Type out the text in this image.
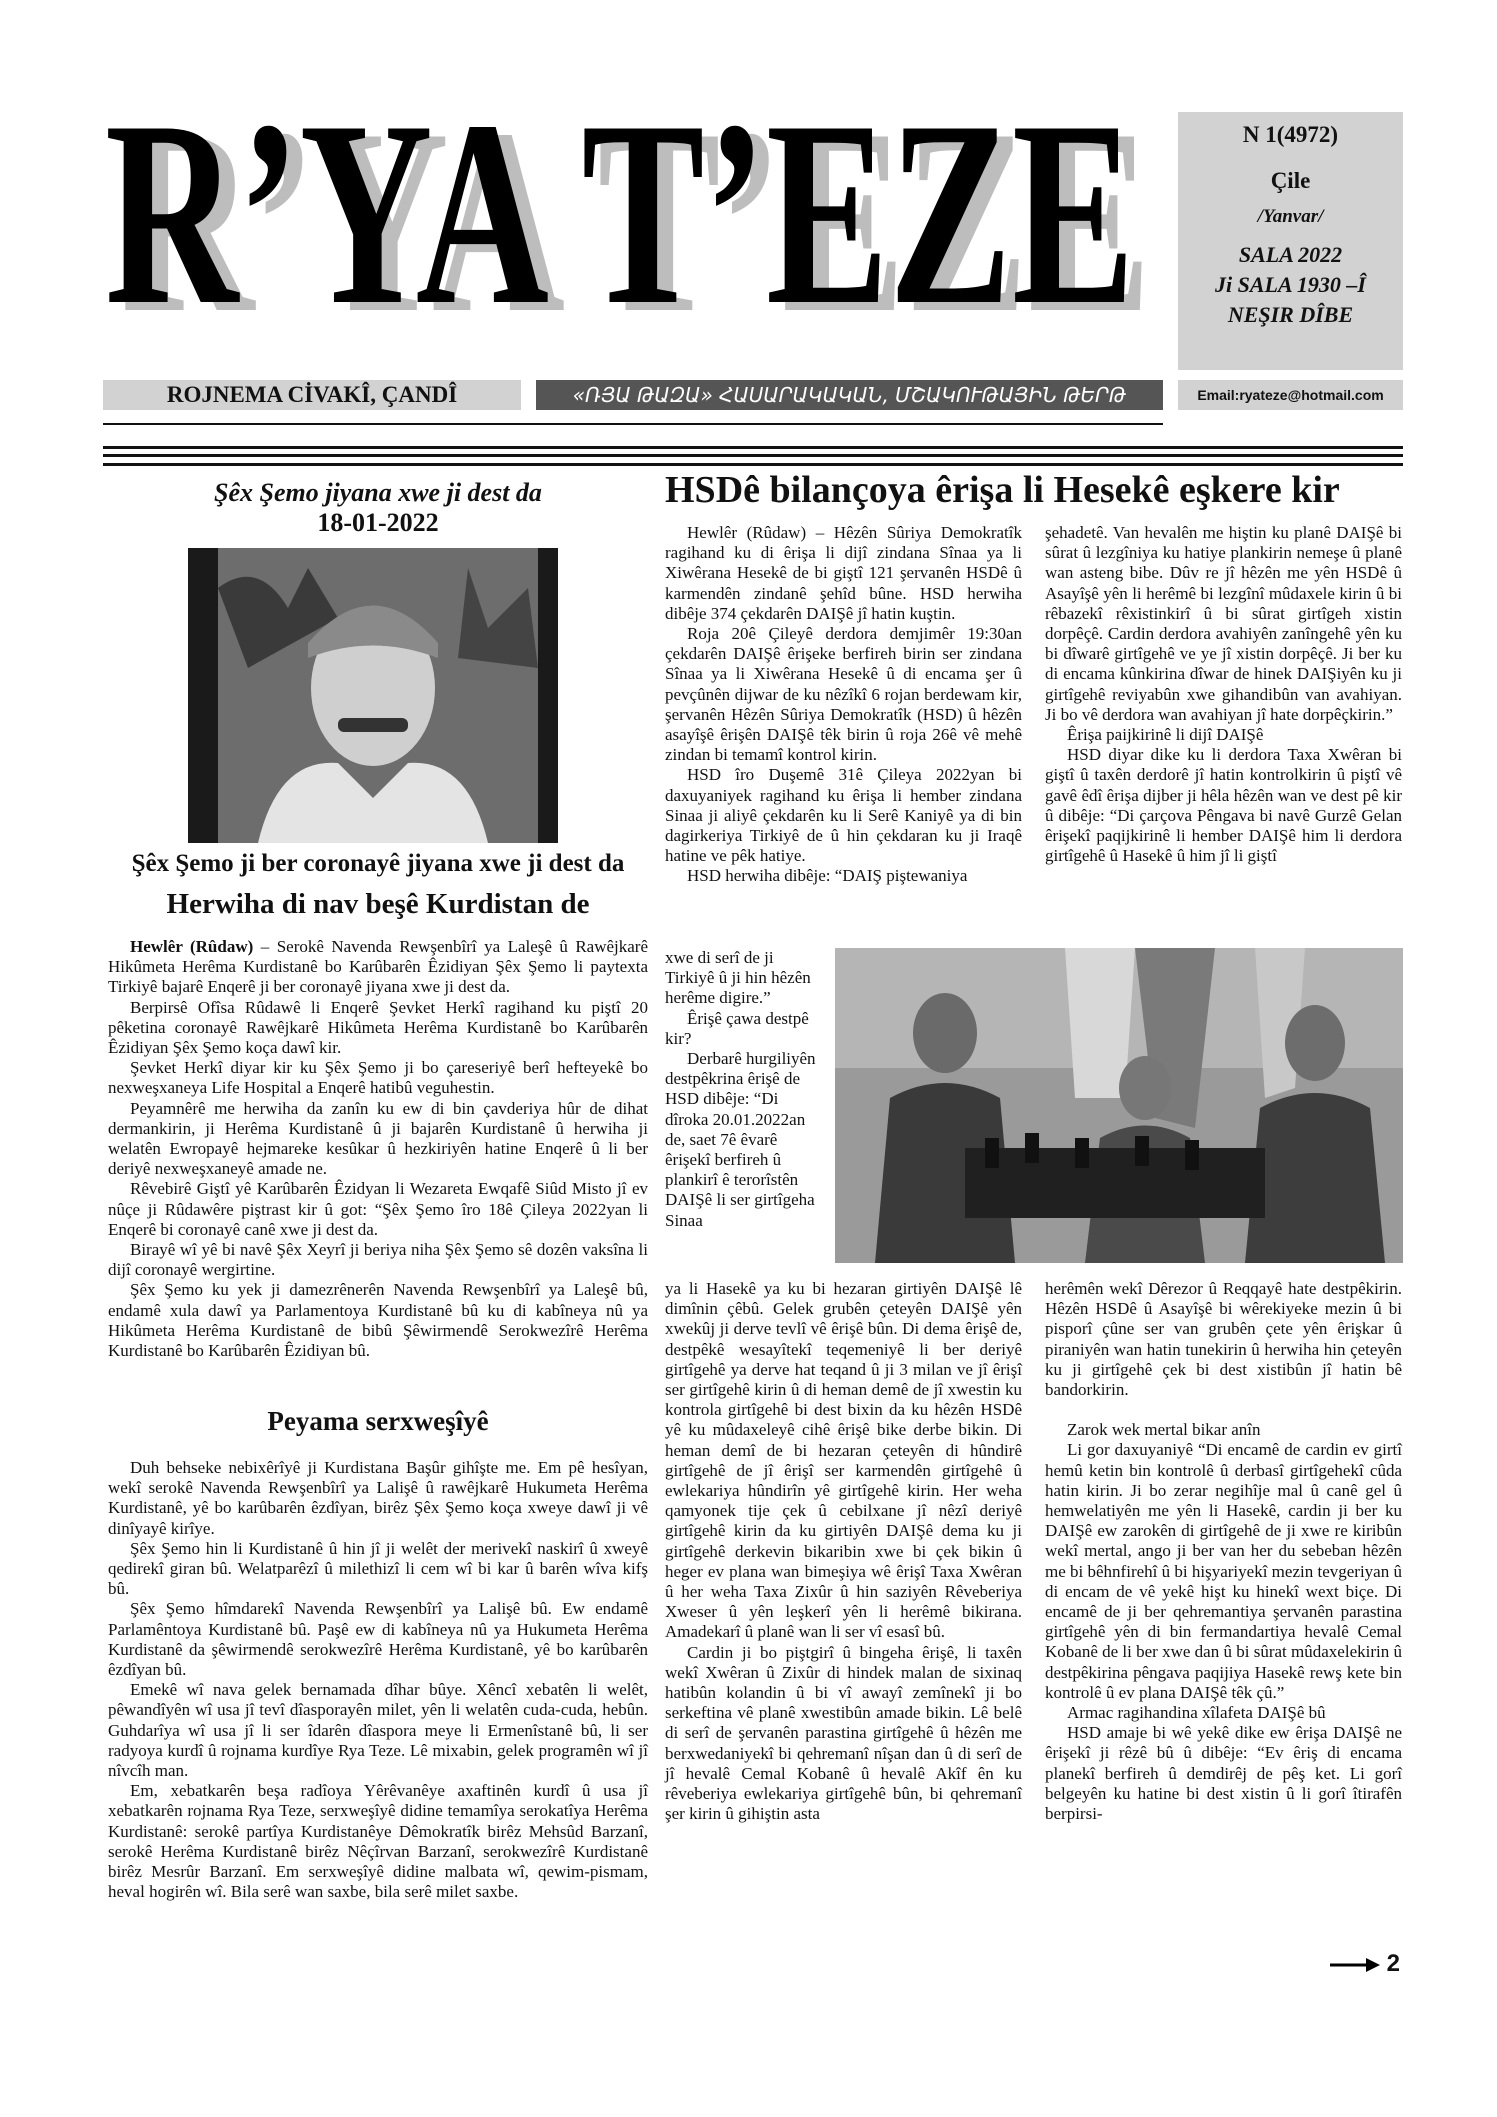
R’YA T’EZE
R’YA T’EZE	N 1(4972)
Çile
/Yanvar/
SALA 2022
Ji SALA 1930 –Î
NEŞIR DÎBE
Email:ryateze@hotmail.com
ROJNEMA CİVAKÎ, ÇANDÎ	«ՌՅԱ ԹԱԶԱ» ՀԱՍԱՐԱԿԱԿԱՆ, ՄՇԱԿՈՒԹԱՅԻՆ ԹԵՐԹ
Şêx Şemo jiyana xwe ji dest da
18-01-2022
Şêx Şemo ji ber coronayê jiyana xwe ji dest da
Herwiha di nav beşê Kurdistan de

Hewlêr (Rûdaw) – Serokê Navenda Rewşenbîrî ya Laleşê û Rawêjkarê Hikûmeta Herêma Kurdistanê bo Karûbarên Êzidiyan Şêx Şemo li paytexta Tirkiyê bajarê Enqerê ji ber coronayê jiyana xwe ji dest da.

Berpirsê Ofîsa Rûdawê li Enqerê Şevket Herkî ragihand ku piştî 20 pêketina coronayê Rawêjkarê Hikûmeta Herêma Kurdistanê bo Karûbarên Êzidiyan Şêx Şemo koça dawî kir.

Şevket Herkî diyar kir ku Şêx Şemo ji bo çareseriyê berî hefteyekê bo nexweşxaneya Life Hospital a Enqerê hatibû veguhestin.

Peyamnêrê me herwiha da zanîn ku ew di bin çavderiya hûr de dihat dermankirin, ji Herêma Kurdistanê û ji bajarên Kurdistanê û herwiha ji welatên Ewropayê hejmareke kesûkar û hezkiriyên hatine Enqerê û li ber deriyê nexweşxaneyê amade ne.

Rêvebirê Giştî yê Karûbarên Êzidyan li Wezareta Ewqafê Siûd Misto jî ev nûçe ji Rûdawêre piştrast kir û got: “Şêx Şemo îro 18ê Çileya 2022yan li Enqerê bi coronayê canê xwe ji dest da.

Birayê wî yê bi navê Şêx Xeyrî ji beriya niha Şêx Şemo sê dozên vaksîna li dijî coronayê wergirtine.

Şêx Şemo ku yek ji damezrênerên Navenda Rewşenbîrî ya Laleşê bû, endamê xula dawî ya Parlamentoya Kurdistanê bû ku di kabîneya nû ya Hikûmeta Herêma Kurdistanê de bibû Şêwirmendê Serokwezîrê Herêma Kurdistanê bo Karûbarên Êzidiyan bû.

Peyama serxweşîyê

Duh behseke nebixêrîyê ji Kurdistana Başûr gihîşte me. Em pê hesîyan, wekî serokê Navenda Rewşenbîrî ya Lalişê û rawêjkarê Hukumeta Herêma Kurdistanê, yê bo karûbarên êzdîyan, birêz Şêx Şemo koça xweye dawî ji vê dinîyayê kirîye.

Şêx Şemo hin li Kurdistanê û hin jî ji welêt der merivekî naskirî û xweyê qedirekî giran bû. Welatparêzî û milethizî li cem wî bi kar û barên wîva kifş bû.

Şêx Şemo hîmdarekî Navenda Rewşenbîrî ya Lalişê bû. Ew endamê Parlamêntoya Kurdistanê bû. Paşê ew di kabîneya nû ya Hukumeta Herêma Kurdistanê da şêwirmendê serokwezîrê Herêma Kurdistanê, yê bo karûbarên êzdîyan bû.

Emekê wî nava gelek bernamada dîhar bûye. Xêncî xebatên li welêt, pêwandîyên wî usa jî tevî dîasporayên milet, yên li welatên cuda-cuda, hebûn. Guhdarîya wî usa jî li ser îdarên dîaspora meye li Ermenîstanê bû, li ser radyoya kurdî û rojnama kurdîye Rya Teze. Lê mixabin, gelek programên wî jî nîvcîh man.

Em, xebatkarên beşa radîoya Yêrêvanêye axaftinên kurdî û usa jî xebatkarên rojnama Rya Teze, serxweşîyê didine temamîya serokatîya Herêma Kurdistanê: serokê partîya Kurdistanêye Dêmokratîk birêz Mehsûd Barzanî, serokê Herêma Kurdistanê birêz Nêçîrvan Barzanî, serokwezîrê Kurdistanê birêz Mesrûr Barzanî. Em serxweşîyê didine malbata wî, qewim-pismam, heval hogirên wî. Bila serê wan saxbe, bila serê milet saxbe.

HSDê bilançoya êrişa li Hesekê eşkere kir

Hewlêr (Rûdaw) – Hêzên Sûriya Demokratîk ragihand ku di êrişa li dijî zindana Sînaa ya li Xiwêrana Hesekê de bi giştî 121 şervanên HSDê û karmendên zindanê şehîd bûne. HSD herwiha dibêje 374 çekdarên DAIŞê jî hatin kuştin.

Roja 20ê Çileyê derdora demjimêr 19:30an çekdarên DAIŞê êrişeke berfireh birin ser zindana Sînaa ya li Xiwêrana Hesekê û di encama şer û pevçûnên dijwar de ku nêzîkî 6 rojan berdewam kir, şervanên Hêzên Sûriya Demokratîk (HSD) û hêzên asayîşê êrişên DAIŞê têk birin û roja 26ê vê mehê zindan bi temamî kontrol kirin.

HSD îro Duşemê 31ê Çileya 2022yan bi daxuyaniyek ragihand ku êrişa li hember zindana Sinaa ji aliyê çekdarên ku li Serê Kaniyê ya di bin dagirkeriya Tirkiyê de û hin çekdaran ku ji Iraqê hatine ve pêk hatiye.

HSD herwiha dibêje: “DAIŞ piştewaniya

xwe di serî de ji Tirkiyê û ji hin hêzên herême digire.”

Êrişê çawa destpê kir?

Derbarê hurgiliyên destpêkrina êrişê de HSD dibêje: “Di dîroka 20.01.2022an de, saet 7ê êvarê êrişekî berfireh û plankirî ê terorîstên DAIŞê li ser girtîgeha Sinaa

ya li Hasekê ya ku bi hezaran girtiyên DAIŞê lê dimînin çêbû. Gelek grubên çeteyên DAIŞê yên xwekûj ji derve tevlî vê êrişê bûn. Di dema êrişê de, destpêkê wesayîtekî teqemeniyê li ber deriyê girtîgehê ya derve hat teqand û ji 3 milan ve jî êrişî ser girtîgehê kirin û di heman demê de jî xwestin ku kontrola girtîgehê bi dest bixin da ku hêzên HSDê yê ku mûdaxeleyê cihê êrişê bike derbe bikin. Di heman demî de bi hezaran çeteyên di hûndirê girtîgehê de jî êrişî ser karmendên girtîgehê û ewlekariya hûndirîn yê girtîgehê kirin. Her weha qamyonek tije çek û cebilxane jî nêzî deriyê girtîgehê kirin da ku girtiyên DAIŞê dema ku ji girtîgehê derkevin bikaribin xwe bi çek bikin û heger ev plana wan bimeşiya wê êrişî Taxa Xwêran û her weha Taxa Zixûr û hin saziyên Rêveberiya Xweser û yên leşkerî yên li herêmê bikirana. Amadekarî û planê wan li ser vî esasî bû.

Cardin ji bo piştgirî û bingeha êrişê, li taxên wekî Xwêran û Zixûr di hindek malan de sixinaq hatibûn kolandin û bi vî awayî zemînekî ji bo serkeftina vê planê xwestibûn amade bikin. Lê belê di serî de şervanên parastina girtîgehê û hêzên me berxwedaniyekî bi qehremanî nîşan dan û di serî de jî hevalê Cemal Kobanê û hevalê Akîf ên ku rêveberiya ewlekariya girtîgehê bûn, bi qehremanî şer kirin û gihiştin asta

şehadetê. Van hevalên me hiştin ku planê DAIŞê bi sûrat û lezgîniya ku hatiye plankirin nemeşe û planê wan asteng bibe. Dûv re jî hêzên me yên HSDê û Asayîşê yên li herêmê bi lezgînî mûdaxele kirin û bi rêbazekî rêxistinkirî û bi sûrat girtîgeh xistin dorpêçê. Cardin derdora avahiyên zanîngehê yên ku bi dîwarê girtîgehê ve ye jî xistin dorpêçê. Ji ber ku di encama kûnkirina dîwar de hinek DAIŞiyên ku ji girtîgehê reviyabûn xwe gihandibûn van avahiyan. Ji bo vê derdora wan avahiyan jî hate dorpêçkirin.”

Êrişa paijkirinê li dijî DAIŞê

HSD diyar dike ku li derdora Taxa Xwêran bi giştî û taxên derdorê jî hatin kontrolkirin û piştî vê gavê êdî êrişa dijber ji hêla hêzên wan ve dest pê kir û dibêje: “Di çarçova Pêngava bi navê Gurzê Gelan êrişekî paqijkirinê li hember DAIŞê him li derdora girtîgehê û Hasekê û him jî li giştî

herêmên wekî Dêrezor û Reqqayê hate destpêkirin. Hêzên HSDê û Asayîşê bi wêrekiyeke mezin û bi pisporî çûne ser van grubên çete yên êrişkar û piraniyên wan hatin tunekirin û herwiha hin çeteyên ku ji girtîgehê çek bi dest xistibûn jî hatin bê bandorkirin.

Zarok wek mertal bikar anîn

Li gor daxuyaniyê “Di encamê de cardin ev girtî hemû ketin bin kontrolê û derbasî girtîgehekî cûda hatin kirin. Ji bo zerar negihîje mal û canê gel û hemwelatiyên me yên li Hasekê, cardin ji ber ku DAIŞê ew zarokên di girtîgehê de ji xwe re kiribûn wekî mertal, ango ji ber van her du sebeban hêzên me bi bêhnfirehî û bi hişyariyekî mezin tevgeriyan û di encam de vê yekê hişt ku hinekî wext biçe. Di encamê de ji ber qehremantiya şervanên parastina girtîgehê yên di bin fermandartiya hevalê Cemal Kobanê de li ber xwe dan û bi sûrat mûdaxelekirin û destpêkirina pêngava paqijiya Hasekê rewş kete bin kontrolê û ev plana DAIŞê têk çû.”

Armac ragihandina xîlafeta DAIŞê bû

HSD amaje bi wê yekê dike ew êrişa DAIŞê ne êrişekî ji rêzê bû û dibêje: “Ev êriş di encama planekî berfireh û demdirêj de pêş ket. Li gorî belgeyên ku hatine bi dest xistin û li gorî îtirafên berpirsi-

2
